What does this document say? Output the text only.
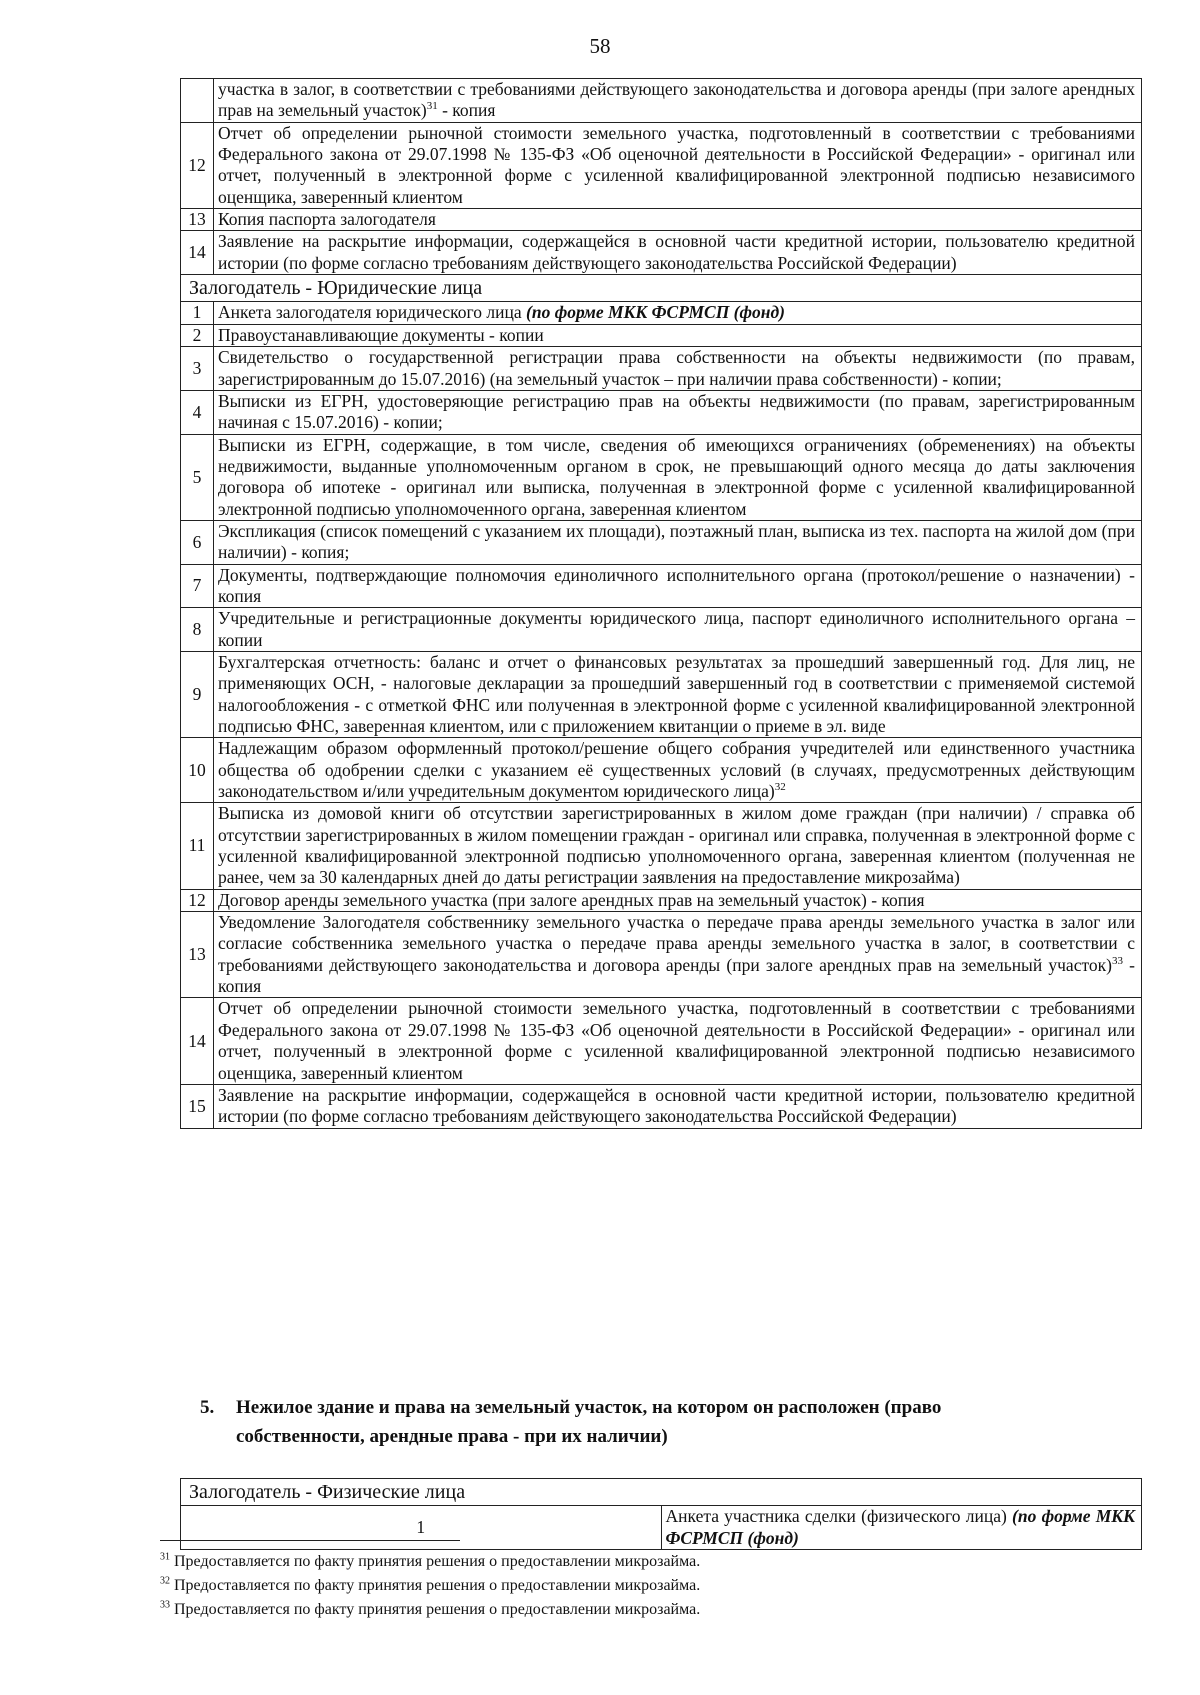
58
	участка в залог, в соответствии с требованиями действующего законодательства и договора аренды (при залоге арендных прав на земельный участок)$^{31}$ - копия
12	Отчет об определении рыночной стоимости земельного участка, подготовленный в соответствии с требованиями Федерального закона от 29.07.1998 № 135-ФЗ «Об оценочной деятельности в Российской Федерации» - оригинал или отчет, полученный в электронной форме с усиленной квалифицированной электронной подписью независимого оценщика, заверенный клиентом
13	Копия паспорта залогодателя
14	Заявление на раскрытие информации, содержащейся в основной части кредитной истории, пользователю кредитной истории (по форме согласно требованиям действующего законодательства Российской Федерации)
Залогодатель - Юридические лица	
1	Анкета залогодателя юридического лица (по форме МКК ФСРМСП (фонд)
2	Правоустанавливающие документы - копии
3	Свидетельство о государственной регистрации права собственности на объекты недвижимости (по правам, зарегистрированным до 15.07.2016) (на земельный участок – при наличии права собственности) - копии;
4	Выписки из ЕГРН, удостоверяющие регистрацию прав на объекты недвижимости (по правам, зарегистрированным начиная с 15.07.2016) - копии;
5	Выписки из ЕГРН, содержащие, в том числе, сведения об имеющихся ограничениях (обременениях) на объекты недвижимости, выданные уполномоченным органом в срок, не превышающий одного месяца до даты заключения договора об ипотеке - оригинал или выписка, полученная в электронной форме с усиленной квалифицированной электронной подписью уполномоченного органа, заверенная клиентом
6	Экспликация (список помещений с указанием их площади), поэтажный план, выписка из тех. паспорта на жилой дом (при наличии) - копия;
7	Документы, подтверждающие полномочия единоличного исполнительного органа (протокол/решение о назначении) - копия
8	Учредительные и регистрационные документы юридического лица, паспорт единоличного исполнительного органа – копии
9	Бухгалтерская отчетность: баланс и отчет о финансовых результатах за прошедший завершенный год. Для лиц, не применяющих ОСН, - налоговые декларации за прошедший завершенный год в соответствии с применяемой системой налогообложения - с отметкой ФНС или полученная в электронной форме с усиленной квалифицированной электронной подписью ФНС, заверенная клиентом, или с приложением квитанции о приеме в эл. виде
10	Надлежащим образом оформленный протокол/решение общего собрания учредителей или единственного участника общества об одобрении сделки с указанием её существенных условий (в случаях, предусмотренных действующим законодательством и/или учредительным документом юридического лица)$^{32}$
11	Выписка из домовой книги об отсутствии зарегистрированных в жилом доме граждан (при наличии) / справка об отсутствии зарегистрированных в жилом помещении граждан - оригинал или справка, полученная в электронной форме с усиленной квалифицированной электронной подписью уполномоченного органа, заверенная клиентом (полученная не ранее, чем за 30 календарных дней до даты регистрации заявления на предоставление микрозайма)
12	Договор аренды земельного участка (при залоге арендных прав на земельный участок) - копия
13	Уведомление Залогодателя собственнику земельного участка о передаче права аренды земельного участка в залог или согласие собственника земельного участка о передаче права аренды земельного участка в залог, в соответствии с требованиями действующего законодательства и договора аренды (при залоге арендных прав на земельный участок)$^{33}$ - копия
14	Отчет об определении рыночной стоимости земельного участка, подготовленный в соответствии с требованиями Федерального закона от 29.07.1998 № 135-ФЗ «Об оценочной деятельности в Российской Федерации» - оригинал или отчет, полученный в электронной форме с усиленной квалифицированной электронной подписью независимого оценщика, заверенный клиентом
15	Заявление на раскрытие информации, содержащейся в основной части кредитной истории, пользователю кредитной истории (по форме согласно требованиям действующего законодательства Российской Федерации)
5. Нежилое здание и права на земельный участок, на котором он расположен (право
собственности, арендные права - при их наличии)
Залогодатель - Физические лица
1	Анкета участника сделки (физического лица) (по форме МКК ФСРМСП (фонд)
$^{31}$ Предоставляется по факту принятия решения о предоставлении микрозайма.
$^{32}$ Предоставляется по факту принятия решения о предоставлении микрозайма.
$^{33}$ Предоставляется по факту принятия решения о предоставлении микрозайма.
